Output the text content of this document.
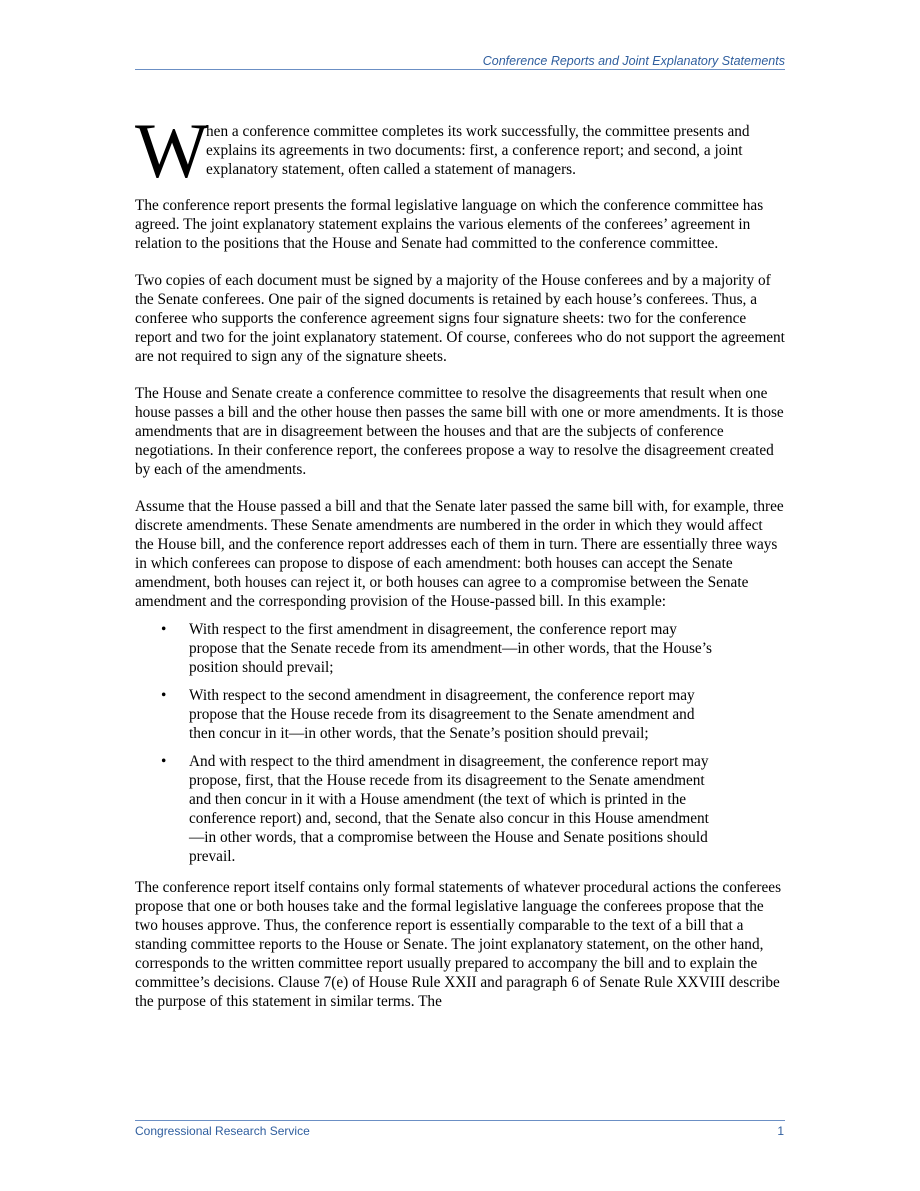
Conference Reports and Joint Explanatory Statements
W
hen a conference committee completes its work successfully, the committee presents and explains its agreements in two documents: first, a conference report; and second, a joint explanatory statement, often called a statement of managers.

The conference report presents the formal legislative language on which the conference committee has agreed. The joint explanatory statement explains the various elements of the conferees’ agreement in relation to the positions that the House and Senate had committed to the conference committee.

Two copies of each document must be signed by a majority of the House conferees and by a majority of the Senate conferees. One pair of the signed documents is retained by each house’s conferees. Thus, a conferee who supports the conference agreement signs four signature sheets: two for the conference report and two for the joint explanatory statement. Of course, conferees who do not support the agreement are not required to sign any of the signature sheets.

The House and Senate create a conference committee to resolve the disagreements that result when one house passes a bill and the other house then passes the same bill with one or more amendments. It is those amendments that are in disagreement between the houses and that are the subjects of conference negotiations. In their conference report, the conferees propose a way to resolve the disagreement created by each of the amendments.

Assume that the House passed a bill and that the Senate later passed the same bill with, for example, three discrete amendments. These Senate amendments are numbered in the order in which they would affect the House bill, and the conference report addresses each of them in turn. There are essentially three ways in which conferees can propose to dispose of each amendment: both houses can accept the Senate amendment, both houses can reject it, or both houses can agree to a compromise between the Senate amendment and the corresponding provision of the House-passed bill. In this example:

• With respect to the first amendment in disagreement, the conference report may propose that the Senate recede from its amendment—in other words, that the House’s position should prevail;
• With respect to the second amendment in disagreement, the conference report may propose that the House recede from its disagreement to the Senate amendment and then concur in it—in other words, that the Senate’s position should prevail;
• And with respect to the third amendment in disagreement, the conference report may propose, first, that the House recede from its disagreement to the Senate amendment and then concur in it with a House amendment (the text of which is printed in the conference report) and, second, that the Senate also concur in this House amendment—in other words, that a compromise between the House and Senate positions should prevail.

The conference report itself contains only formal statements of whatever procedural actions the conferees propose that one or both houses take and the formal legislative language the conferees propose that the two houses approve. Thus, the conference report is essentially comparable to the text of a bill that a standing committee reports to the House or Senate. The joint explanatory statement, on the other hand, corresponds to the written committee report usually prepared to accompany the bill and to explain the committee’s decisions. Clause 7(e) of House Rule XXII and paragraph 6 of Senate Rule XXVIII describe the purpose of this statement in similar terms. The

Congressional Research Service	1
